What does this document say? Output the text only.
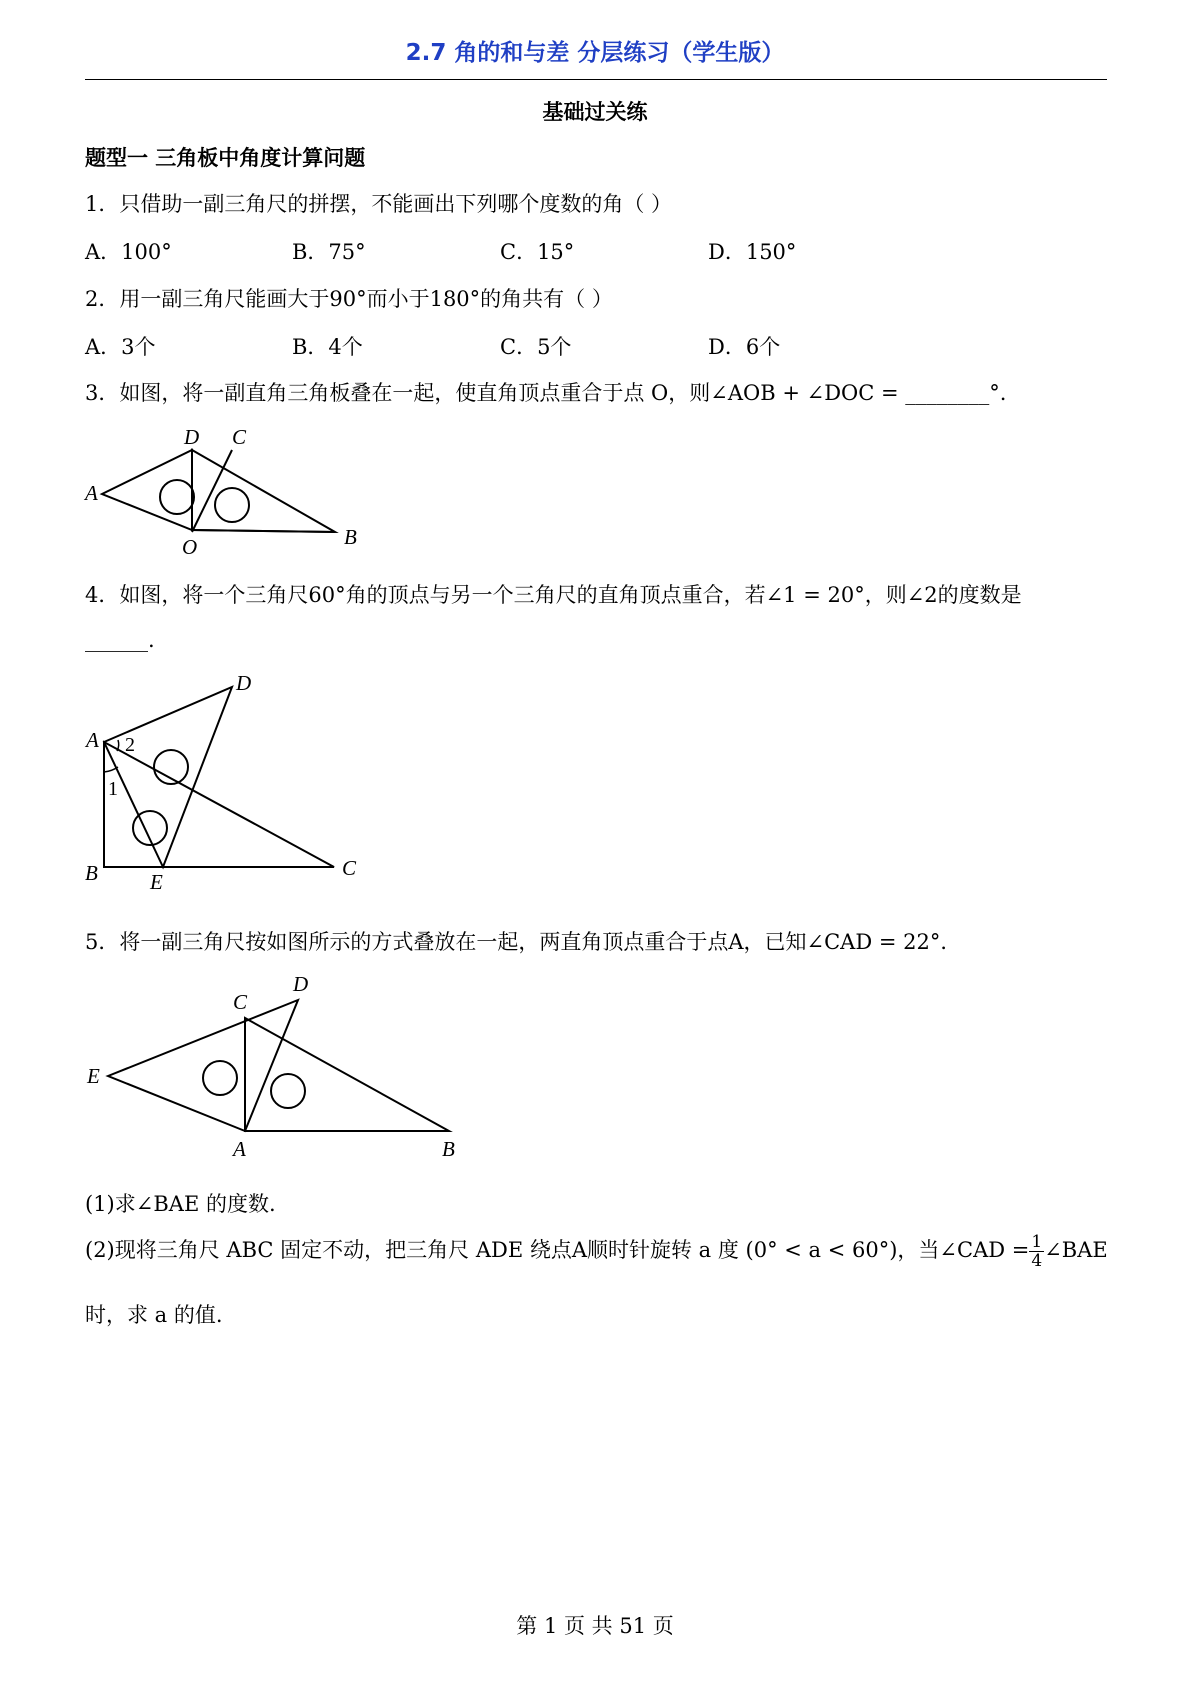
2.7 角的和与差 分层练习（学生版）
基础过关练
题型一 三角板中角度计算问题
1．只借助一副三角尺的拼摆，不能画出下列哪个度数的角（ ）
A．100°	B．75°	C．15°	D．150°
2．用一副三角尺能画大于90°而小于180°的角共有（ ）
A．3个	B．4个	C．5个	D．6个
3．如图，将一副直角三角板叠在一起，使直角顶点重合于点 O，则∠AOB + ∠DOC = ________°.
D C
A
B
O
4．如图，将一个三角尺60°角的顶点与另一个三角尺的直角顶点重合，若∠1 = 20°，则∠2的度数是
______.
D
A 2
1
B E
C
5．将一副三角尺按如图所示的方式叠放在一起，两直角顶点重合于点A，已知∠CAD = 22°．
C
D
E
A	B
(1)求∠BAE 的度数.
(2)现将三角尺 ABC 固定不动，把三角尺 ADE 绕点A顺时针旋转 a 度 (0° < a < 60°)，当∠CAD = $\frac{1}{4}$ ∠BAE
时，求 a 的值.
第 1 页 共 51 页
